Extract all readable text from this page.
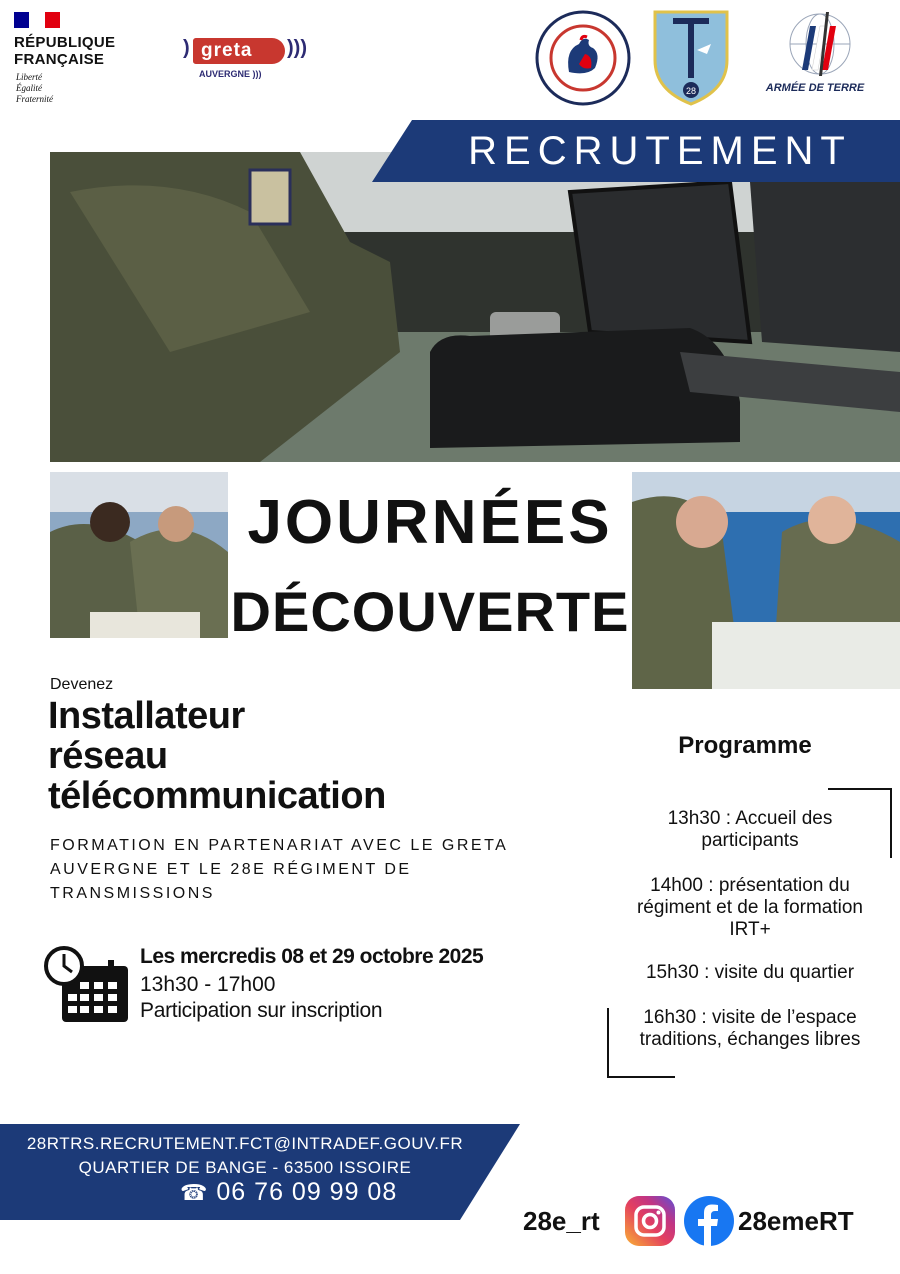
RÉPUBLIQUE
FRANÇAISE
Liberté
Égalité
Fraternité
) greta	)))
AUVERGNE )))
28	ARMÉE DE TERRE
RECRUTEMENT
JOURNÉES
DÉCOUVERTE
Devenez
Installateur
réseau
télécommunication
FORMATION EN PARTENARIAT AVEC LE GRETA
AUVERGNE ET LE 28E RÉGIMENT DE
TRANSMISSIONS
Les mercredis 08 et 29 octobre 2025
13h30 - 17h00
Participation sur inscription
Programme
13h30 : Accueil des
participants
14h00 : présentation du
régiment et de la formation
IRT+
15h30 : visite du quartier
16h30 : visite de l’espace
traditions, échanges libres
28RTRS.RECRUTEMENT.FCT@INTRADEF.GOUV.FR
QUARTIER DE BANGE - 63500 ISSOIRE
☎ 06 76 09 99 08
28e_rt	28emeRT
